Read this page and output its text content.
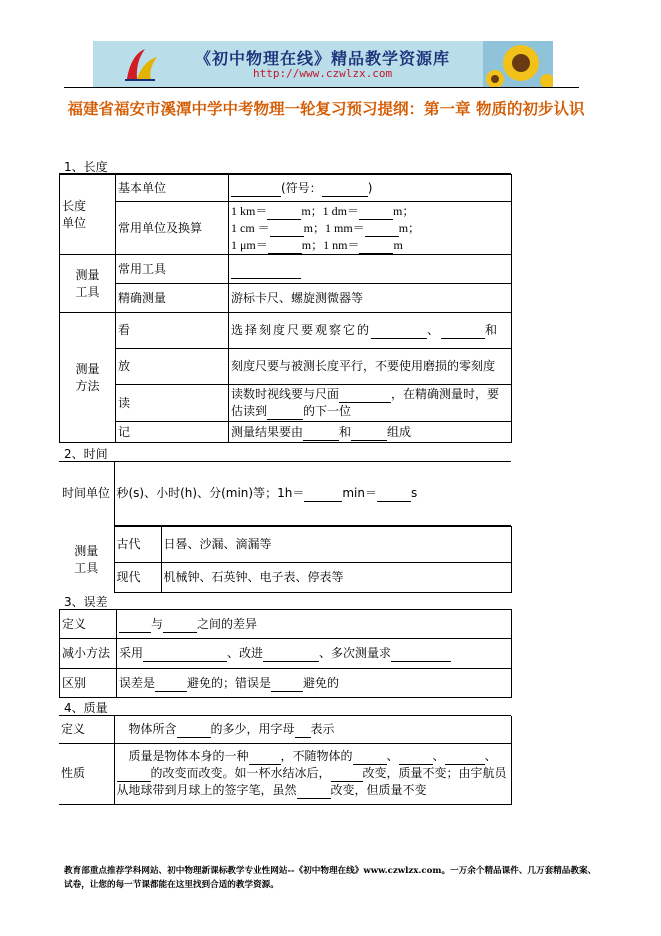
《初中物理在线》精品教学资源库
http://www.czwlzx.com
福建省福安市溪潭中学中考物理一轮复习预习提纲：第一章 物质的初步认识
1、长度
长度
单位	基本单位	(符号： )
	常用单位及换算	1 km＝ m；1 dm＝ m；
1 cm ＝ m；1 mm＝ m；
1 μm＝ m；1 nm＝ m

测量
工具	常用工具	
	精确测量	游标卡尺、螺旋测微器等
测量
方法	看	选择刻度尺要观察它的 、 和
	放	刻度尺要与被测长度平行，不要使用磨损的零刻度
	读	读数时视线要与尺面 ，在精确测量时，要估读到 的下一位
	记	测量结果要由 和 组成
2、时间
时间单位	秒(s)、小时(h)、分(min)等；1h＝	min＝	s
测量
工具	古代	日晷、沙漏、滴漏等
	现代	机械钟、石英钟、电子表、停表等
3、误差
定义	与 之间的差异
减小方法	采用 、改进 、多次测量求
区别	误差是 避免的；错误是 避免的
4、质量
定义	物体所含 的多少，用字母 表示
性质	质量是物体本身的一种 ，不随物体的 、 、 、
的改变而改变。如一杯水结冰后， 改变，质量不变；由宇航员
从地球带到月球上的签字笔，虽然 改变，但质量不变
教育部重点推荐学科网站、初中物理新课标教学专业性网站--《初中物理在线》www.czwlzx.com。一万余个精品课件、几万套精品教案、试卷，让您的每一节课都能在这里找到合适的教学资源。
